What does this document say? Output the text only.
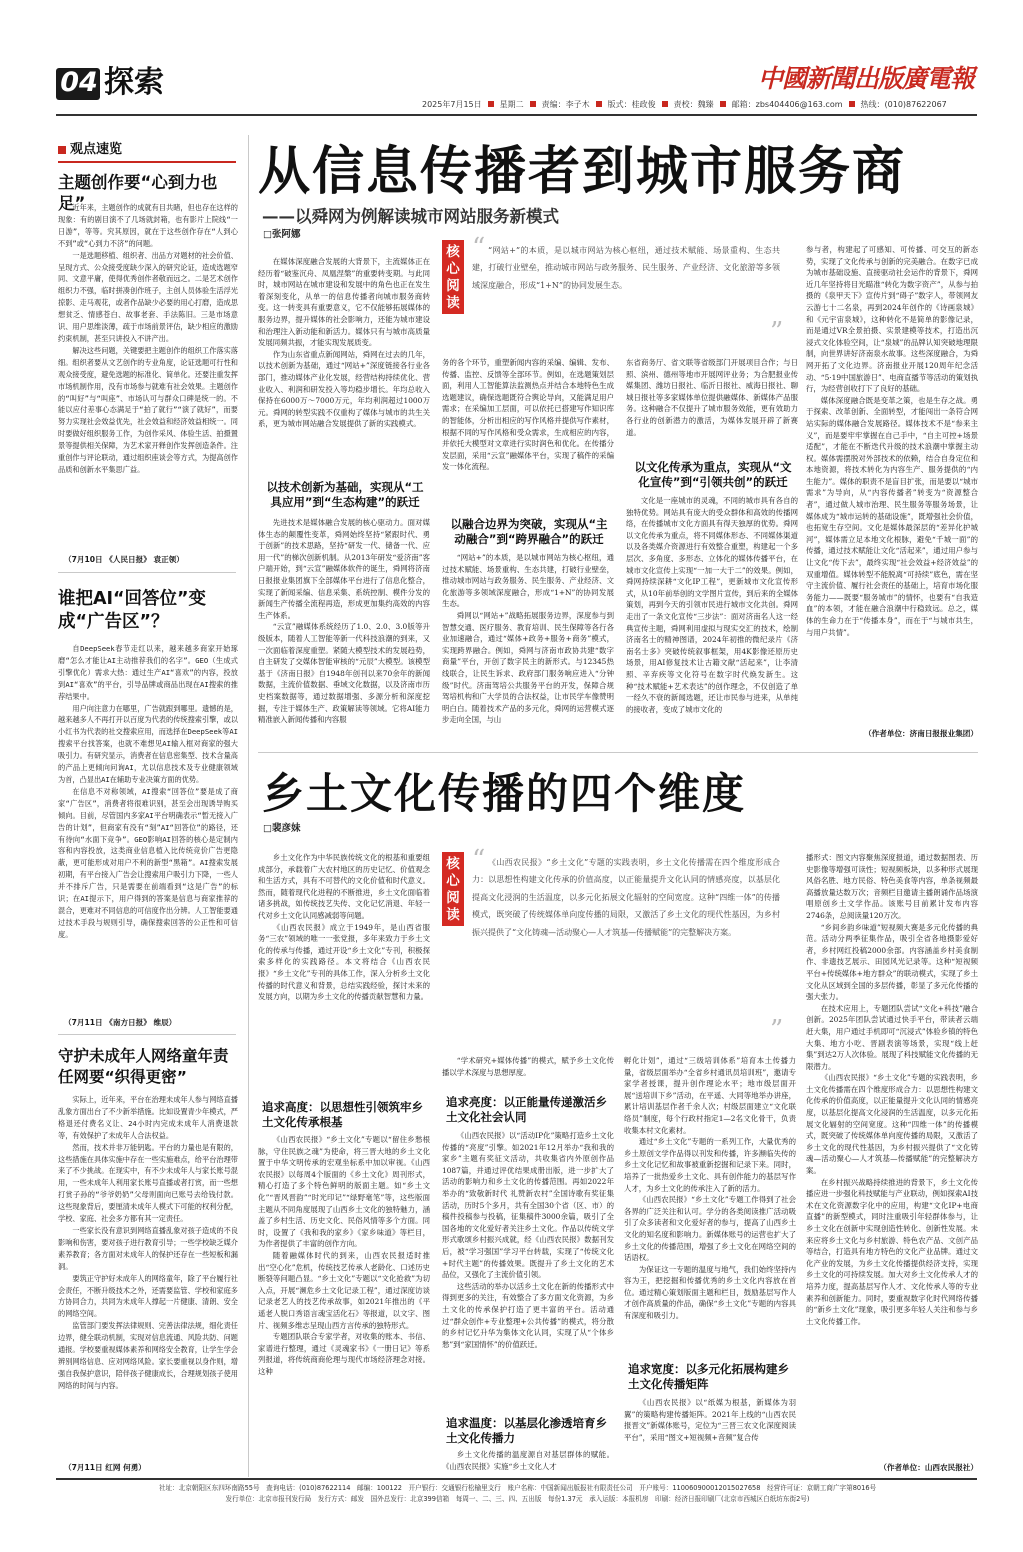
04 探索	中國新聞出版廣電報
2025年7月15日 星期二 责编：李子木 版式：桂政俊 责校：魏臻 邮箱：zbs404406@163.com 热线：(010)87622067
观点速览
主题创作要“心到力也足”

近年来，主题创作的成就有目共睹，但也存在这样的现象：有的剧目演不了几场就封箱，也有影片上院线“一日游”，等等。究其原因，就在于这些创作存在“人到心不到”或“心到力不济”的问题。

一是选题移植、组织者、出品方对题材的社会价值、呈现方式、公众接受度缺少深入的研究论证，造成选题窄同、文意平庸，使得优秀创作者敬而远之。二是艺术创作组织力不强，临时拼凑创作班子，主创人员体验生活浮光掠影、走马观花，或者作品缺少必要的用心打磨，造成思想贫乏、情感苍白、故事老套、手法陈旧。三是市场意识、用户思维淡薄，疏于市场前景评估，缺少相应的激励约束机制，甚至只讲投入不讲产出。

解决这些问题，关键要把主题创作的组织工作落实落细。组织者要从文艺创作的专业角度，论证选题可行性和观众接受度，避免选题的标准化、简单化。还要注重发挥市场机制作用，没有市场参与就难有社会效果。主题创作的“叫好”与“叫座”、市场认可与群众口碑是统一的。不能以应付差事心态满足于“拍了就行”“演了就好”，而要努力实现社会效益优先，社会效益和经济效益相统一。同时要做好组织服务工作，为创作采风、体验生活、拍摄置景等提供相关保障，为艺术家开释创作发挥创造条件。注重创作与评论联动，通过组织座谈会等方式，为提高创作品质和创新水平集思广益。

（7月10日 《人民日报》 袁正领）
谁把AI“回答位”变成“广告区”？

自DeepSeek春节走红以来，越来越多商家开始琢磨“怎么才能让AI主动推荐我们的名字”。GEO（生成式引擎优化）需求大热：通过生产AI“喜欢”的内容，投放到AI“喜欢”的平台，引导品牌或商品出现在AI搜索的推荐结果中。

用户向注意力在哪里，广告就跟到哪里。遗憾的是，越来越多人不再打开以百度为代表的传统搜索引擎，或以小红书为代表的社交搜索应用，而选择在DeepSeek等AI搜索平台找答案，也就不难想见AI输入框对商家的强大吸引力。有研究显示，消费者在信息密集型、技术含量高的产品上更倾向问询AI，尤以信息技术及专业健康领域为首，凸显出AI在辅助专业决策方面的优势。

在信息不对称领域，AI搜索“回答位”要是成了商家“广告区”，消费者将很难识别，甚至会出现诱导购买倾向。目前，尽管国内多家AI平台明确表示“暂无接入广告的计划”，但商家有没有“刻”AI“回答位”的路径，还有待向“水面下竞争”。GEO影响AI回答的核心是定制内容和内容投放，这类商业信息植入比传统竞价广告更隐蔽，更可能形成对用户不利的新型“黑箱”。AI搜索发展初期，有平台接入广告会让搜索用户吸引力下降，一些人并不排斥广告，只是需要在前端看到“这是广告”的标识；在AI提示下，用户得到的答案是信息与商家推荐的混合，更难对不同信息的可信度作出分辨。人工智能要通过技术手段与规则引导，确保搜索回答的公正性和可信度。

（7月11日 《南方日报》 维辰）
守护未成年人网络童年责任网要“织得更密”

实际上，近年来，平台在治理未成年人参与网络直播乱象方面出台了不少新举措施。比如设置青少年模式，严格退还付费名义让、24小时内完成未成年人消费退款等，有效保护了未成年人合法权益。

然而，技术并非万能钥匙。平台的力量也是有限的，这些措施在具体实施中存在一些实施难点，给平台治理带来了不少挑战。在现实中，有不少未成年人与家长账号混用，一些未成年人利用家长账号直播或者打赏，而一些想打赏子孙的“爷爷奶奶”父母则面向已账号去给钱付款。这些现象背后，要厘清未成年人模式下可能的权利分配，学校、家庭、社会多方都有其一定责任。

一些家长没有意识到网络直播乱象对孩子造成的不良影响和伤害，要对孩子进行教育引导；一些学校缺乏媒介素养教育；各方面对未成年人的保护还存在一些短板和漏洞。

要筑正守护好未成年人的网络童年，除了平台履行社会责任，不断升级技术之外，还需要监管、学校和家庭多方协同合力，共同为未成年人撑起一片健康、清朗、安全的网络空间。

监管部门要发挥法律规则、完善法律法规，细化责任边界，健全联动机制，实现对信息流通、风险共防、问题通报。学校要重视媒体素养和网络安全教育，让学生学会辨别网络信息、应对网络风险。家长要重视以身作则，增强自我保护意识，陪伴孩子健康成长，合理规划孩子使用网络的时间与内容。

（7月11日 红网 何勇）
从信息传播者到城市服务商
——以舜网为例解读城市网站服务新模式
□张阿娜
核心阅读
“ “网站+”的本质，是以城市网站为核心枢纽，通过技术赋能、场景重构、生态共建，打破行业壁垒，推动城市网站与政务服务、民生服务、产业经济、文化旅游等多领域深度融合，形成“1+N”的协同发展生态。
”

在媒体深度融合发展的大背景下，主流媒体正在经历着“破鉴沉舟、凤凰涅槃”的重要转变期。与此同时，城市网站在城市建设和发展中的角色也正在发生着深刻变化，从单一的信息传播者向城市服务商转变。这一转变具有重要意义，它不仅能够拓展媒体的服务边界，提升媒体的社会影响力，还能为城市建设和治理注入新动能和新活力。媒体只有与城市高质量发展同频共振，才能实现发展质变。

作为山东省重点新闻网站，舜网在过去的几年，以技术创新为基础，通过“网站+”深度链接各行业各部门，推动媒体产业化发展，经营结构持续优化、营业收入、利润和研发投入等均稳步增长。年均总收入保持在6000万～7000万元，年均利润超过1000万元。舜网的转型实践不仅重构了媒体与城市的共生关系，更为城市网站融合发展提供了新的实践模式。

以技术创新为基础，实现从“工具应用”到“生态构建”的跃迁

先进技术是媒体融合发展的核心驱动力。面对媒体生态的颠覆性变革，舜网始终坚持“紧跟时代、勇于创新”的技术思路，坚持“研发一代、储备一代、应用一代”的梯次创新机制。从2013年研发“爱济南”客户端开始，到“云宣”融媒体软件的诞生，舜网将济南日报报业集团旗下全部媒体平台进行了信息化整合，实现了新闻采编、信息采集、系统控制、模件分发的新闻生产传播全流程再造，形成更加集约高效的内容生产体系。

“云宣”融媒体系统经历了1.0、2.0、3.0版等升级版本，随着人工智能等新一代科技浪潮的到来，又一次面临着深度重塑。紧随大模型技术的发展趋势，自主研发了交媒体智能审核的“元辰”大模型。该模型基于《济南日报》自1948年创刊以来70余年的新闻数据，主流价值数据、垂域文化数据，以及济南市历史档案数据等，通过数据增强、多源分析和深度挖掘，专注于媒体生产、政策解读等领域。它将AI能力精准嵌入新闻传播和内容服

务的各个环节，重塑新闻内容的采编、编辑、发布、传播、监控、反馈等全部环节。例如，在选题策划层面，利用人工智能算法监测热点并结合本地特色生成选题建议，确保选题既符合舆论导向，又能满足用户需求；在采编加工层面，可以依托已搭建写作知识库的智能体，分析出相应的写作风格并提供写作素材，根据不同的写作风格和受众需求，生成相应的内容，并依托大模型对文章进行实时润色和优化。在传播分发层面，采用“云宣”融媒体平台，实现了稿件的采编发一体化流程。

以融合边界为突破，实现从“主动融合”到“跨界融合”的跃迁

“网站+”的本质，是以城市网站为核心枢纽，通过技术赋能、场景重构、生态共建，打破行业壁垒，推动城市网站与政务服务、民生服务、产业经济、文化旅游等多领域深度融合，形成“1+N”的协同发展生态。

舜网以“网站+”战略拓展服务边界，深度参与到智慧交通、医疗服务、教育培训、民生保障等各行各业加速融合，通过“媒体+政务+服务+商务”模式，实现跨界融合。例如，舜网与济南市政协共建“数字商量”平台，开创了数字民主的新形式。与12345热线联合，让民生诉求、政府部门服务响应进入“分钟级”时代。济南驾培公共服务平台的开发，保障合规驾培机构和广大学员的合法权益，让市民学车像赞明明白白。随着技术产品的多元化，舜网的运营模式逐步走向全国，与山

东省商务厅、省文联等省级部门开展项目合作；与日照、滨州、德州等地市开展网评业务；为合肥报业传媒集团、潍坊日报社、临沂日报社、威海日报社、聊城日报社等多家媒体单位提供融媒体、新媒体产品服务。这种融合不仅提升了城市服务效能，更有效助力各行业的创新潜力的激活，为媒体发展开辟了新赛道。

以文化传承为重点，实现从“文化宣传”到“引领共创”的跃迁

文化是一座城市的灵魂，不同的城市具有各自的独特优势。网站具有庞大的受众群体和高效的传播网络，在传播城市文化方面具有得天独厚的优势。舜网以文化传承为重点，将不同媒体形态、不同媒体渠道以及各类媒介资源进行有效整合重塑，构建起一个多层次、多角度、多形态、立体化的媒体传播平台，在城市文化宣传上实现“一加一大于二”的效果。例如，舜网持续深耕“文化IP工程”，更新城市文化宣传形式，从10年前举创的文学图片宣传，到后来的全媒体策划，再到今天的引领市民进行城市文化共创。舜网走出了一条文化宣传“三步法”：面对济南名人这一经典宣传主题，舜网利用虚拟与现实交汇的技术，绘制济南名士的精神图谱，2024年初推的微纪录片《济南名士多》突破传统叙事框架，用4K影像还原历史场景，用AI修复技术让古籍文献“活起来”，让李清照、辛弃疾等文化符号在数字时代焕发新生。这种“技术赋能+艺术表达”的创作理念，不仅创造了单一经久不衰的新闻选题，还让市民参与进来，从单纯的接收者，变成了城市文化的

参与者，构建起了可感知、可传播、可交互的新态势，实现了文化传承与创新的完美融合。在数字已成为城市基础设施、直接驱动社会运作的背景下，舜网近几年坚持将目光瞄准“转化为数字资产”，从参与拍摄的《泉甲天下》宣传片到“碍子”数字人，带领网友云游七十二名泉，再到2024年创作的《诗画泉城》和《元宇宙泉城》，这种转化不是简单的影像记录，而是通过VR全景拍摄、实景建模等技术，打造出沉浸式文化体验空间，让“泉城”的品牌认知突破地理限制，向世界讲好济南泉水故事。这些深度融合，为舜网开拓了文化边界。济南报业开展120周年纪念活动、“5·19中国旅游日”、电商直播节等活动的策划执行，为经营创收打下了良好的基础。

媒体深度融合既是变革之策，也是生存之战。勇于探索、改革创新、全面转型，才能闯出一条符合网站实际的媒体融合发展路径。媒体技术不是“参来主义”，而是要牢牢掌握在自己手中，“自主可控+场景适配”，才能在不断迭代升级的技术浪潮中掌握主动权。媒体需摆脱对外部技术的依赖，结合自身定位和本地资源，将技术转化为内容生产、服务提供的“内生能力”。媒体的职责不是盲目扩张，而是要以“城市需求”为导向，从“内容传播者”转变为“资源整合者”，通过做人城市治理、民生服务等服务场景，让媒体成为“城市运转的基础设施”，既增强社会价值，也拓宽生存空间。文化是媒体最深层的“差异化护城河”，媒体需立足本地文化根脉，避免“千城一面”的传播，通过技术赋能让文化“活起来”，通过用户参与让文化“传下去”，最终实现“社会效益+经济效益”的双重增值。媒体转型不能脱离“可持续”底色，需在坚守主流价值、履行社会责任的基础上，培育市场化服务能力——既要“服务城市”的情怀，也要有“自我造血”的本领，才能在融合浪潮中行稳致远。总之，媒体的生命力在于“传播本身”，而在于“与城市共生，与用户共情”。

（作者单位：济南日报报业集团）
乡土文化传播的四个维度
□裴彦妹
核心阅读
“ 《山西农民报》“乡土文化”专题的实践表明，乡土文化传播需在四个维度形成合力：以思想性构建文化传承的价值高度，以正能量提升文化认同的情感亮度，以基层化提高文化浸润的生活温度，以多元化拓展文化辐射的空间宽度。这种“四维一体”的传播模式，既突破了传统媒体单向度传播的局限，又激活了乡土文化的现代性基因，为乡村振兴提供了“文化铸魂—活动聚心—人才筑基—传播赋能”的完整解决方案。
”

乡土文化作为中华民族传统文化的根基和重要组成部分，承载着广大农村地区的历史记忆、价值观念和生活方式，具有不可替代的文化价值和时代意义。然而，随着现代化进程的不断推进，乡土文化面临着诸多挑战，如传统技艺失传、文化记忆消退、年轻一代对乡土文化认同感减弱等问题。

《山西农民报》成立于1949年，是山西省服务“三农”领域的唯一一张党报，多年来致力于乡土文化的传承与传播，通过开设“乡土文化”专刊，积极探索多样化的实践路径。本文将结合《山西农民报》“乡土文化”专刊的具体工作，深入分析乡土文化传播的时代意义和背景，总结实践经验，探讨未来的发展方向，以期为乡土文化的传播贡献智慧和力量。

追求高度：以思想性引领筑牢乡土文化传承根基

《山西农民报》“乡土文化”专题以“留住乡愁根脉，守住民族之魂”为使命，将三晋大地的乡土文化置于中华文明传承的宏观坐标系中加以审视。《山西农民报》以每周4个版面的《乡土文化》周刊形式，精心打造了多个特色鲜明的版面主题。如“乡土文化”“晋风晋韵”“时光印记”“绿野毫笔”等，这些版面主题从不同角度展现了山西乡土文化的独特魅力，涵盖了乡村生活、历史文化、民俗风情等多个方面。同时，设置了《我和我的家乡》《家乡味道》等栏目，为作者提供了丰富的创作方向。

随着融媒体时代的到来，山西农民报适时推出“空心化”危机，传统技艺传承人老龄化、口述历史断裂等问题凸显。“乡土文化”专题以“文化抢救”为切入点，开展“濒危乡土文化记录工程”，通过深度访谈记录老艺人的技艺传承故事，如2021年推出的《平遥老人脱口秀语言魂宝活化石》等报道，以文字、图片、视频多维志呈现山西方言传承的独特形式。

专题团队联合专家学者，对收集的账本、书信、家谱进行整理，通过《灵魂家书》《一册日记》等系列报道，将传统商商伦理与现代市场经济理念对接。这种

“学术研究+媒体传播”的模式，赋予乡土文化传播以学术深度与思想厚度。

追求亮度：以正能量传递激活乡土文化社会认同

《山西农民报》以“活动IP化”策略打造乡土文化传播的“亮度”引擎。如2021年12月举办“我和我的家乡”主题有奖征文活动，共收集省内外原创作品1087篇，并通过评优结果成册出版，进一步扩大了活动的影响力和乡土文化的传播范围。再如2022年举办的“致敬新时代 礼赞新农村”全国诗歌有奖征集活动，历时5个多月，共有全国30个省（区、市）的稿件投稿参与投稿，征集稿件3000余篇，吸引了全国各地的文化爱好者关注乡土文化。作品以传统文学形式歌颂乡村振兴成就，经《山西农民报》数据刊发后，被“学习强国”学习平台转载，实现了“传统文化+时代主题”的传播效果。既提升了乡土文化的艺术品位，又强化了主流价值引领。

这些活动的举办以活乡土文化在新的传播形式中得到更多的关注，有效整合了多方面文化资源，为乡土文化的传承保护打造了更丰富的平台。活动通过“群众创作+专业整理+公共传播”的模式，将分散的乡村记忆升华为集体文化认同，实现了从“个体乡愁”到“家国情怀”的价值跃迁。

追求温度：以基层化渗透培育乡土文化传播力

乡土文化传播的温度源自对基层群体的赋能。《山西农民报》实施“乡土文化人才

孵化计划”，通过“三级培训体系”培育本土传播力量，省级层面举办“全省乡村通讯员培训班”，邀请专家学者授课，提升创作理论水平；地市级层面开展“送培训下乡”活动，在平遥、大同等地举办讲座，累计培训基层作者千余人次；村级层面建立“文化联络员”制度，每个行政村指定1—2名文化骨干，负责收集本村文化素材。

通过“乡土文化”专题的一系列工作，大量优秀的乡土原创文学作品得以刊发和传播，许多濒临失传的乡土文化记忆和故事被重新挖掘和记录下来。同时，培养了一批热爱乡土文化、具有创作能力的基层写作人才，为乡土文化的传承注入了新的活力。

《山西农民报》“乡土文化”专题工作得到了社会各界的广泛关注和认可。学分的各类阅读推广活动吸引了众多读者和文化爱好者的参与，提高了山西乡土文化的知名度和影响力。新媒体账号的运营也扩大了乡土文化的传播范围，增强了乡土文化在网络空间的话语权。

为保证这一专题的温度与地气，我们始终坚持内容为王，把挖掘和传播优秀的乡土文化内容放在首位。通过精心策划版面主题和栏目，鼓励基层写作人才创作高质量的作品，确保“乡土文化”专题的内容具有深度和吸引力。

追求宽度：以多元化拓展构建乡土文化传播矩阵

《山西农民报》以“纸媒为根基，新媒体为羽翼”的策略构建传播矩阵。2021年上线的“山西农民报晋文”新媒体账号，定位为“三晋三农文化深度阅读平台”，采用“图文+短视频+音频”复合传

播形式：图文内容聚焦深度报道，通过数据图表、历史影像等增强可读性；短视频板块，以多种形式展现风俗名胜、地方民俗、特色美食等内容，单条视频最高播放量达数万次；音频栏目邀请主播朗诵作品场演唱原创乡土文学作品。该账号目前累计发布内容2746条，总阅读量120万次。

“乡间乡韵乡味道”短视频大赛是多元化传播的典范。活动分两季征集作品，吸引全省各地摄影爱好者，乡村网红投稿2000余部。内容涵盖乡村美食制作、非遗技艺展示、田园风光记录等。这种“短视频平台+传统媒体+地方群众”的联动模式，实现了乡土文化从区域到全国的多层传播，彰显了多元化传播的强大张力。

在技术应用上，专题团队尝试“文化+科技”融合创新。2025年团队尝试通过快手平台，带读者云端赶大集，用户通过手机即可“沉浸式”体验乡镇的特色大集、地方小吃、晋剧表演等场景，实现“线上赶集”到达2万人次体验。展现了科技赋能文化传播的无限潜力。

《山西农民报》“乡土文化”专题的实践表明，乡土文化传播需在四个维度形成合力：以思想性构建文化传承的价值高度，以正能量提升文化认同的情感亮度，以基层化提高文化浸润的生活温度，以多元化拓展文化辐射的空间宽度。这种“四维一体”的传播模式，既突破了传统媒体单向度传播的局限，又激活了乡土文化的现代性基因，为乡村振兴提供了“文化铸魂—活动聚心—人才筑基—传播赋能”的完整解决方案。

在乡村振兴战略持续推进的背景下，乡土文化传播应进一步强化科技赋能与产业联动，例如探索AI技术在文化资源数字化中的应用，构建“文化IP+电商直播”的新型模式，同时注重吸引年轻群体参与，让乡土文化在创新中实现创造性转化、创新性发展。未来应将乡土文化与乡村旅游、特色农产品、文创产品等结合，打造具有地方特色的文化产业品牌。通过文化产业的发展，为乡土文化传播提供经济支持，实现乡土文化的可持续发展。加大对乡土文化传承人才的培养力度，提高基层写作人才、文化传承人等的专业素养和创新能力。同时，要重视数字化时代网络传播的“新乡土文化”现象，吸引更多年轻人关注和参与乡土文化传播工作。

（作者单位：山西农民报社）
社址：北京朝阳区东四环南路55号　查询电话：(010)87622114　邮编：100122　开户银行：交通银行松榆里支行　账户名称：中国新闻出版报社有限责任公司　开户账号：110060900012015027658　经营许可证：京朝工商广字第8016号
发行单位：北京市报刊发行局　发行方式：邮发　国外总发行：北京399信箱　每周一、二、三、四、五出版　每份1.37元　承入运版：本报机房　印刷：经济日报印刷厂(北京市西城区白纸坊东街2号)
